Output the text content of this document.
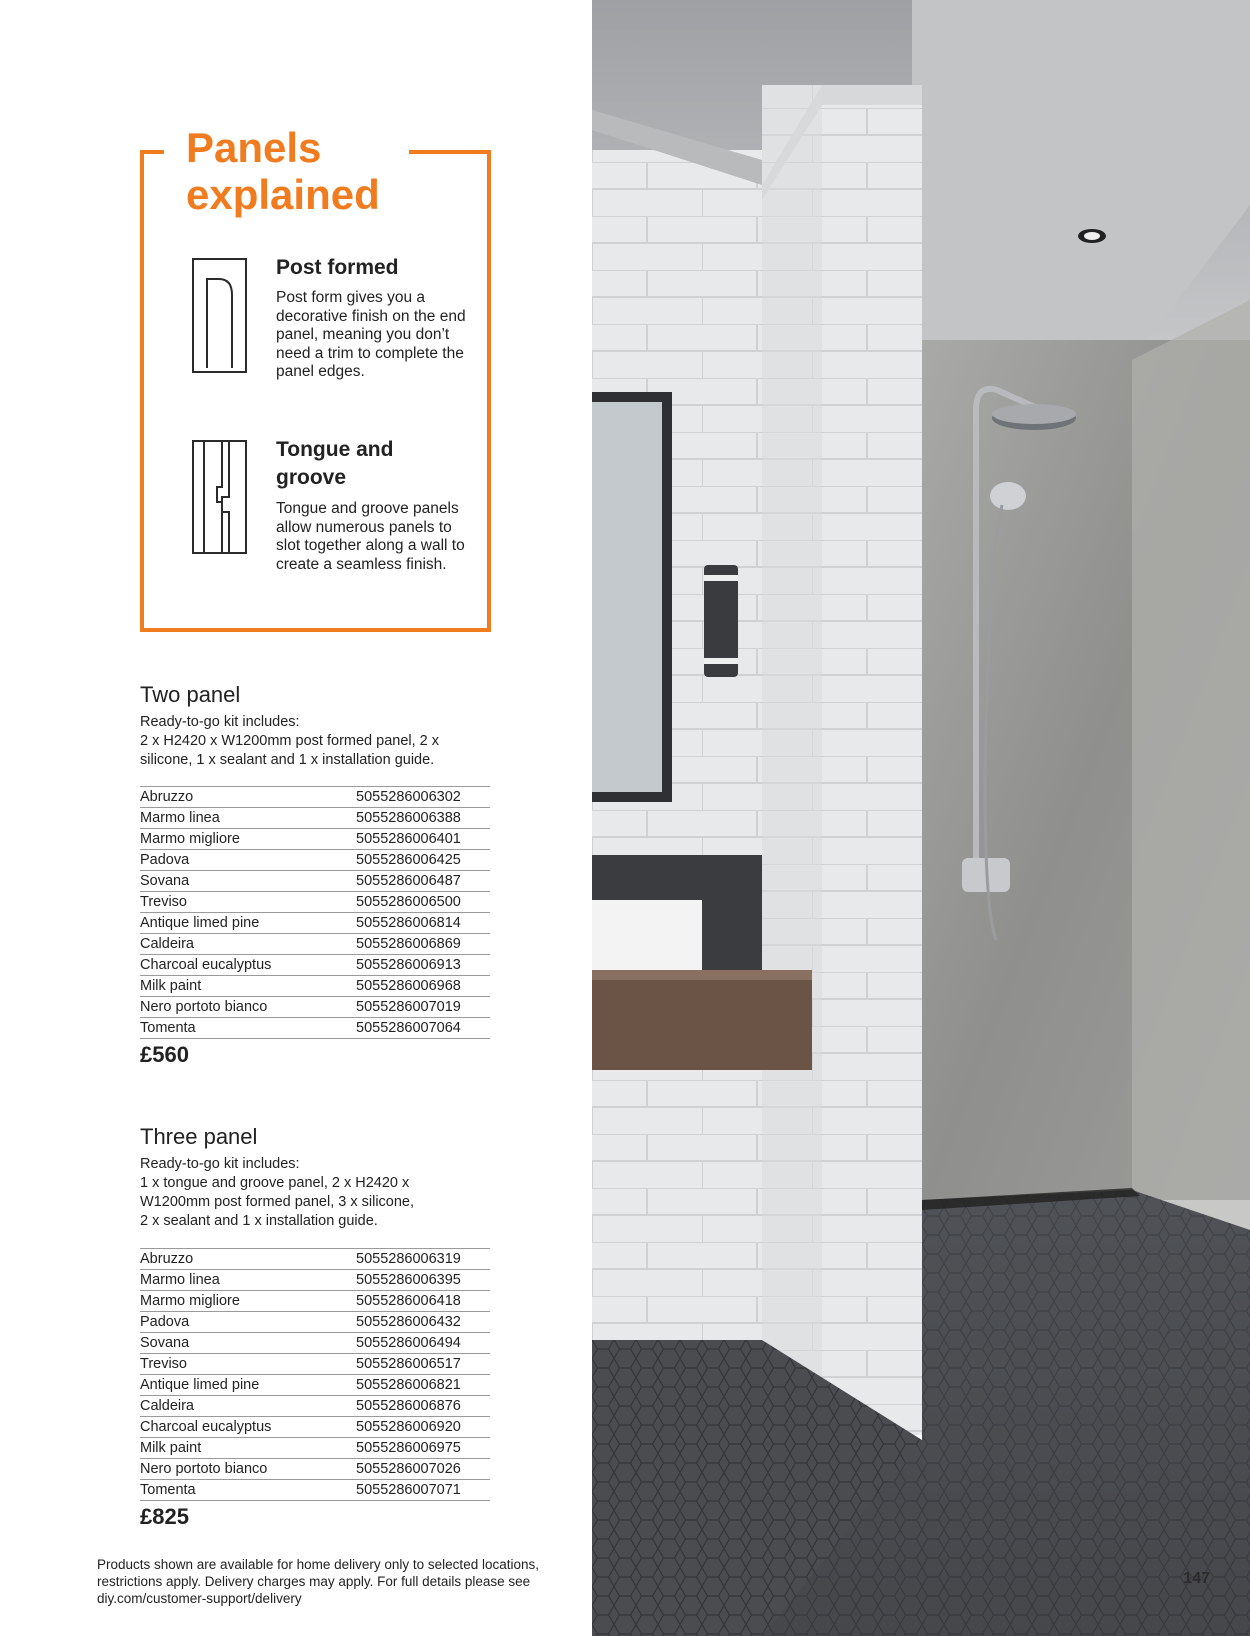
Panels
explained
Post formed
Post form gives you a decorative finish on the end panel, meaning you don’t need a trim to complete the panel edges.
Tongue and
groove
Tongue and groove panels allow numerous panels to slot together along a wall to create a seamless finish.
Two panel
Ready-to-go kit includes:
2 x H2420 x W1200mm post formed panel, 2 x silicone, 1 x sealant and 1 x installation guide.
Abruzzo	5055286006302
Marmo linea	5055286006388
Marmo migliore	5055286006401
Padova	5055286006425
Sovana	5055286006487
Treviso	5055286006500
Antique limed pine	5055286006814
Caldeira	5055286006869
Charcoal eucalyptus	5055286006913
Milk paint	5055286006968
Nero portoto bianco	5055286007019
Tomenta	5055286007064
£560
Three panel
Ready-to-go kit includes:
1 x tongue and groove panel, 2 x H2420 x
W1200mm post formed panel, 3 x silicone,
2 x sealant and 1 x installation guide.
Abruzzo	5055286006319
Marmo linea	5055286006395
Marmo migliore	5055286006418
Padova	5055286006432
Sovana	5055286006494
Treviso	5055286006517
Antique limed pine	5055286006821
Caldeira	5055286006876
Charcoal eucalyptus	5055286006920
Milk paint	5055286006975
Nero portoto bianco	5055286007026
Tomenta	5055286007071
£825
Products shown are available for home delivery only to selected locations, restrictions apply. Delivery charges may apply. For full details please see diy.com/customer-support/delivery
147
